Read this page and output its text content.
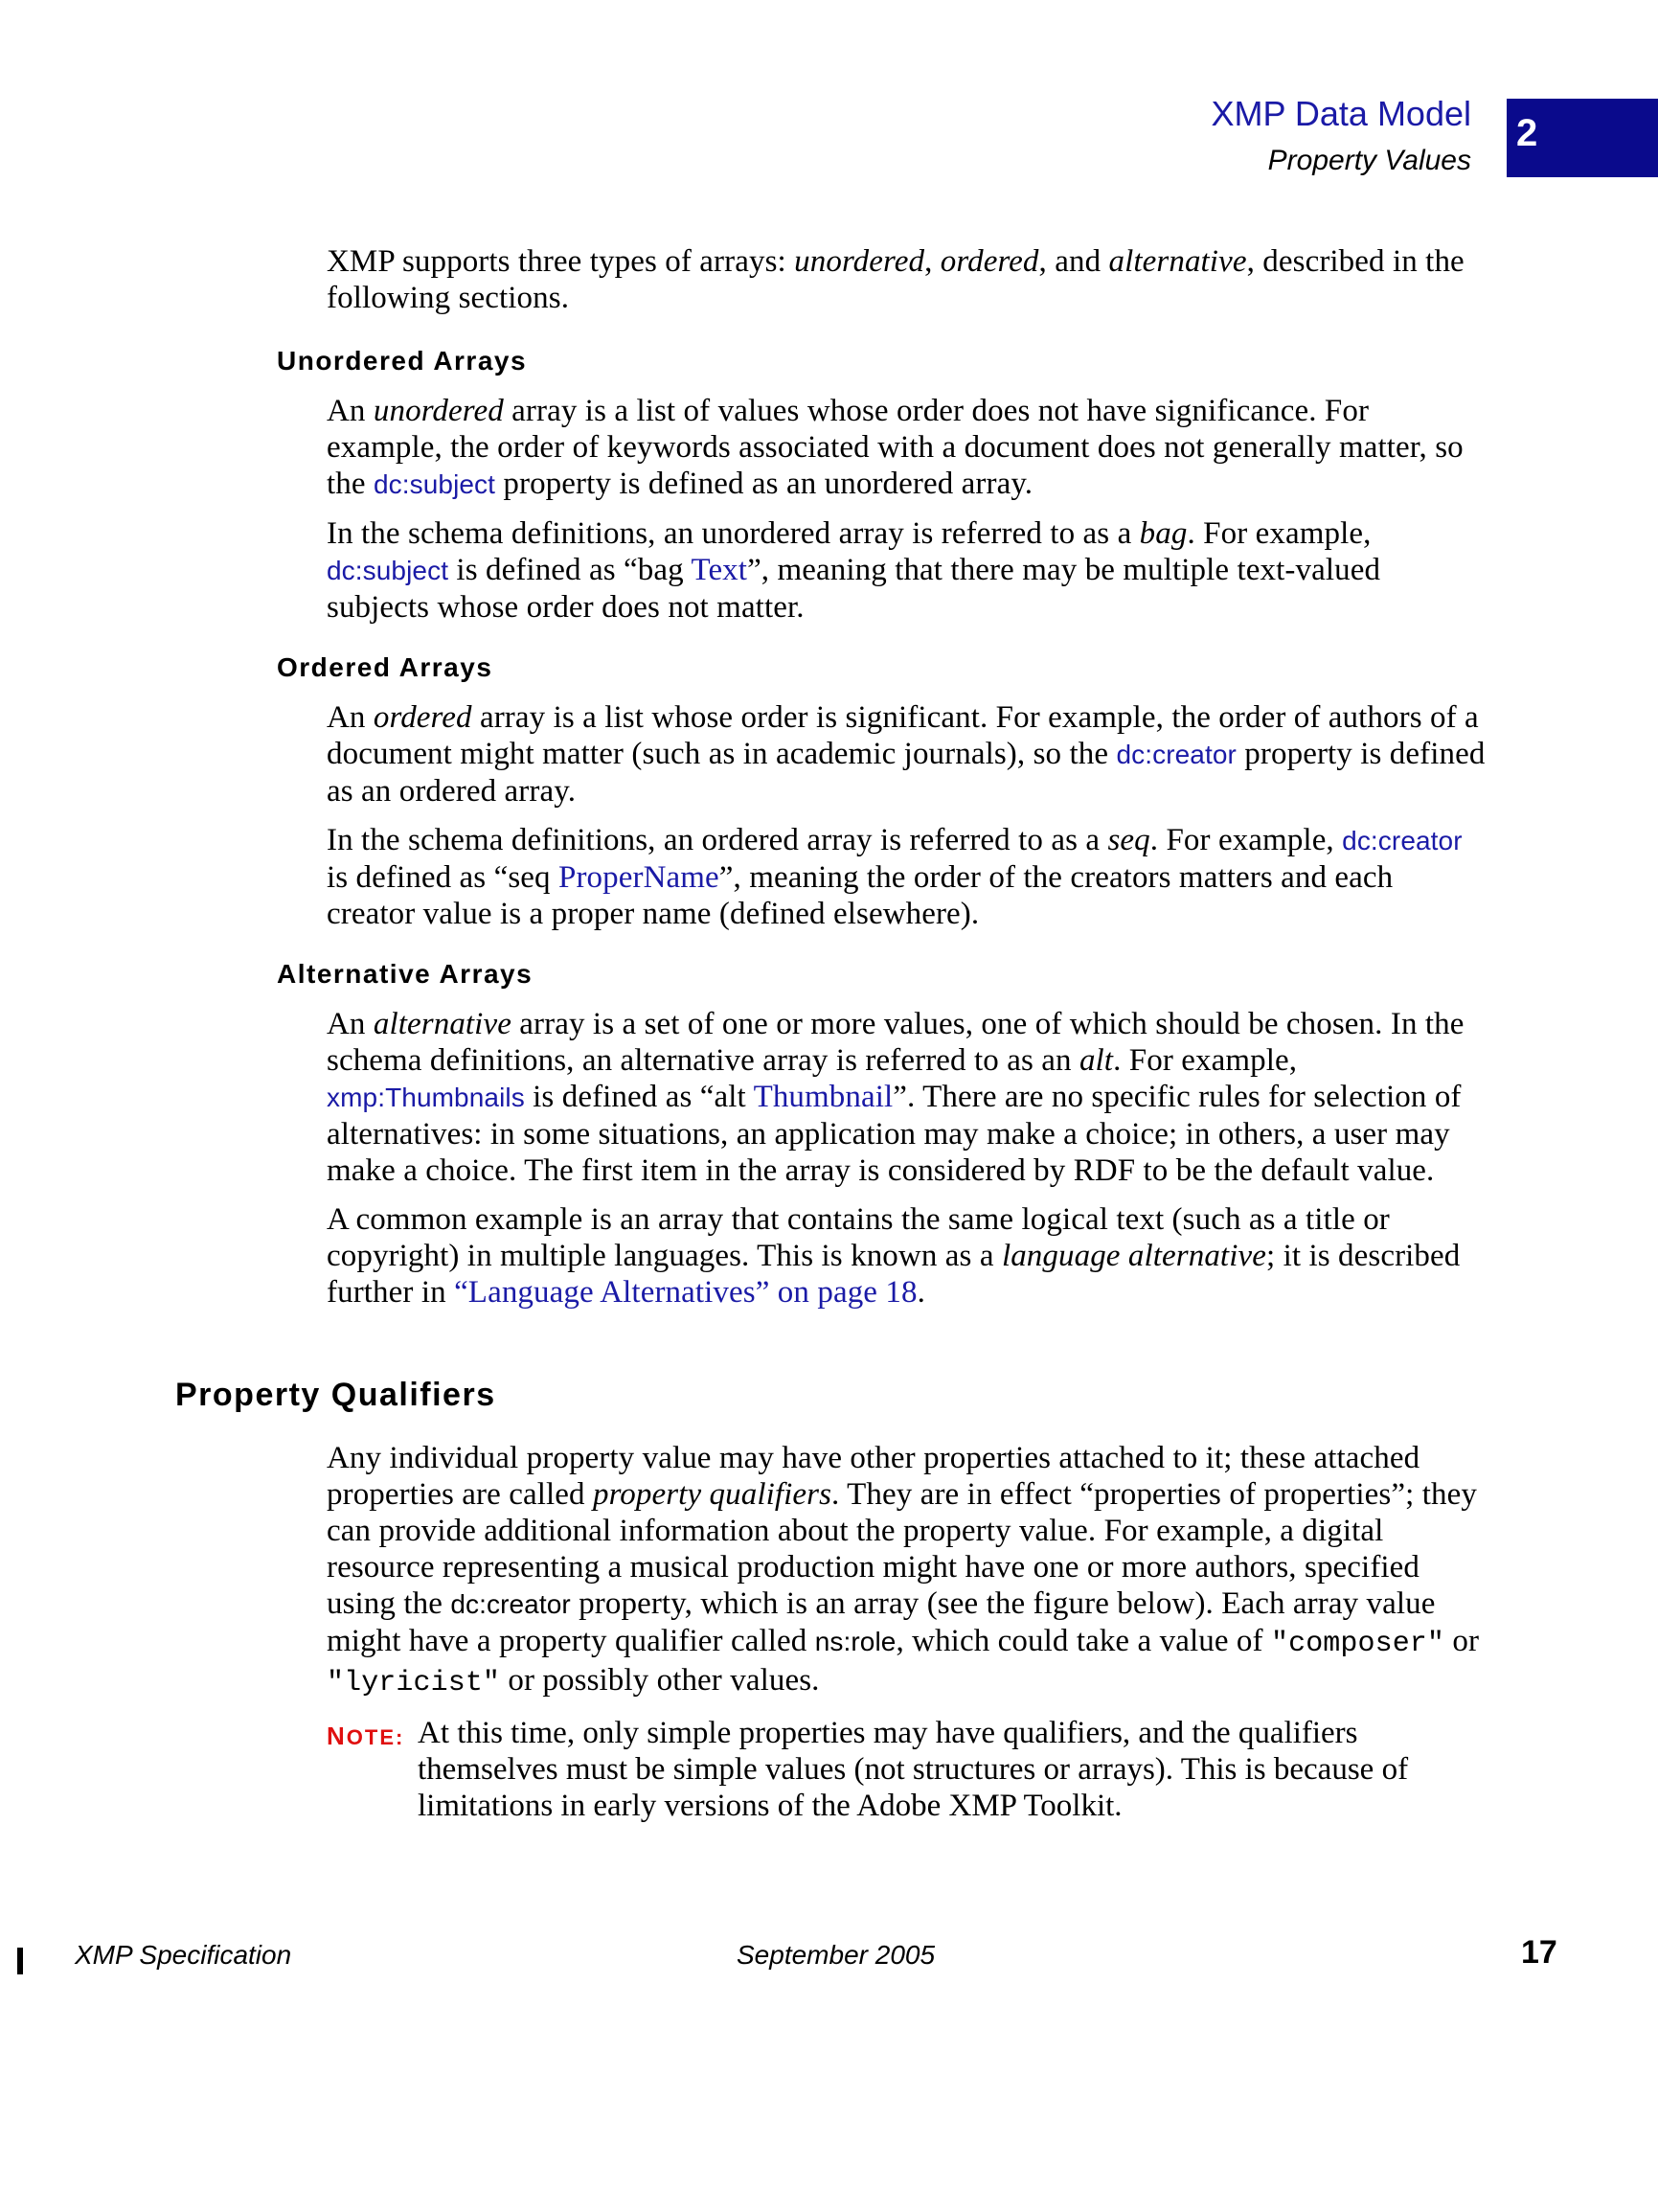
XMP Data Model
Property Values
2

XMP supports three types of arrays: unordered, ordered, and alternative, described in the following sections.

Unordered Arrays

An unordered array is a list of values whose order does not have significance. For example, the order of keywords associated with a document does not generally matter, so the dc:subject property is defined as an unordered array.

In the schema definitions, an unordered array is referred to as a bag. For example, dc:subject is defined as “bag Text”, meaning that there may be multiple text-valued subjects whose order does not matter.

Ordered Arrays

An ordered array is a list whose order is significant. For example, the order of authors of a document might matter (such as in academic journals), so the dc:creator property is defined as an ordered array.

In the schema definitions, an ordered array is referred to as a seq. For example, dc:creator is defined as “seq ProperName”, meaning the order of the creators matters and each creator value is a proper name (defined elsewhere).

Alternative Arrays

An alternative array is a set of one or more values, one of which should be chosen. In the schema definitions, an alternative array is referred to as an alt. For example, xmp:Thumbnails is defined as “alt Thumbnail”. There are no specific rules for selection of alternatives: in some situations, an application may make a choice; in others, a user may make a choice. The first item in the array is considered by RDF to be the default value.

A common example is an array that contains the same logical text (such as a title or copyright) in multiple languages. This is known as a language alternative; it is described further in “Language Alternatives” on page 18.

Property Qualifiers

Any individual property value may have other properties attached to it; these attached properties are called property qualifiers. They are in effect “properties of properties”; they can provide additional information about the property value. For example, a digital resource representing a musical production might have one or more authors, specified using the dc:creator property, which is an array (see the figure below). Each array value might have a property qualifier called ns:role, which could take a value of "composer" or "lyricist" or possibly other values.

NOTE: At this time, only simple properties may have qualifiers, and the qualifiers themselves must be simple values (not structures or arrays). This is because of limitations in early versions of the Adobe XMP Toolkit.

XMP Specification	September 2005	17
